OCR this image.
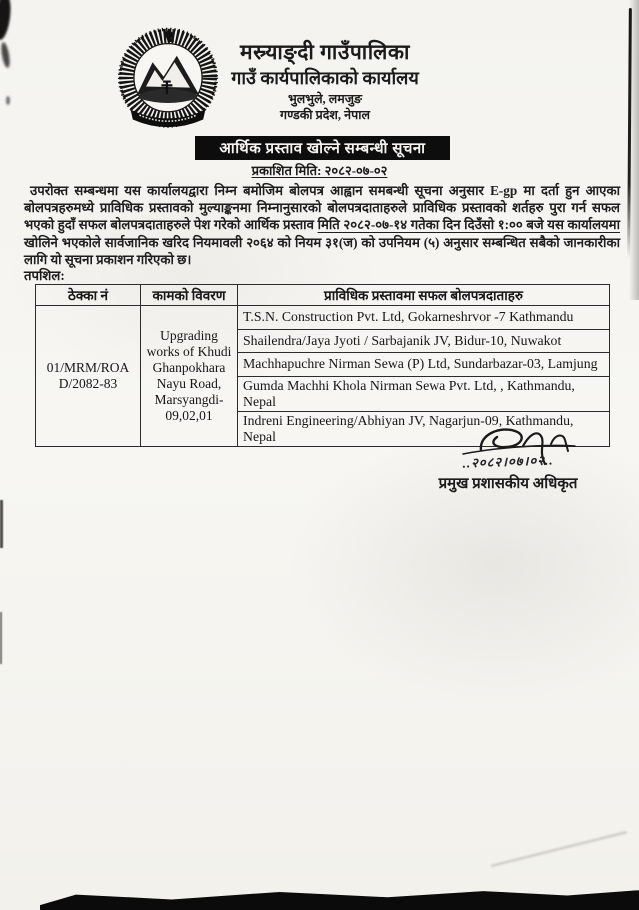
मस्र्याङ्दी गाउँपालिका
गाउँ कार्यपालिकाको कार्यालय
भुलभुले, लमजुङ
गण्डकी प्रदेश, नेपाल
आर्थिक प्रस्ताव खोल्ने सम्बन्धी सूचना
प्रकाशित मिति: २०८२-०७-०२
उपरोक्त सम्बन्धमा यस कार्यालयद्वारा निम्न बमोजिम बोलपत्र आह्वान समबन्धी सूचना अनुसार E-gp मा दर्ता हुन आएका बोलपत्रहरुमध्ये प्राविधिक प्रस्तावको मुल्याङ्कनमा निम्नानुसारको बोलपत्रदाताहरुले प्राविधिक प्रस्तावको शर्तहरु पुरा गर्न सफल भएको हुदाँ सफल बोलपत्रदाताहरुले पेश गरेको आर्थिक प्रस्ताव मिति २०८२-०७-१४ गतेका दिन दिउँसो १:०० बजे यस कार्यालयमा खोलिने भएकोले सार्वजानिक खरिद नियमावली २०६४ को नियम ३१(ज) को उपनियम (५) अनुसार सम्बन्धित सबैको जानकारीका लागि यो सूचना प्रकाशन गरिएको छ।
तपशिल:
ठेक्का नं	कामको विवरण	प्राविधिक प्रस्तावमा सफल बोलपत्रदाताहरु
01/MRM/ROA D/2082-83	Upgrading works of Khudi Ghanpokhara Nayu Road, Marsyangdi-09,02,01	T.S.N. Construction Pvt. Ltd, Gokarneshrvor -7 Kathmandu
		Shailendra/Jaya Jyoti / Sarbajanik JV, Bidur-10, Nuwakot
		Machhapuchre Nirman Sewa (P) Ltd, Sundarbazar-03, Lamjung
		Gumda Machhi Khola Nirman Sewa Pvt. Ltd, , Kathmandu, Nepal
		Indreni Engineering/Abhiyan JV, Nagarjun-09, Kathmandu, Nepal
..२०८२।०७।०२..
प्रमुख प्रशासकीय अधिकृत
